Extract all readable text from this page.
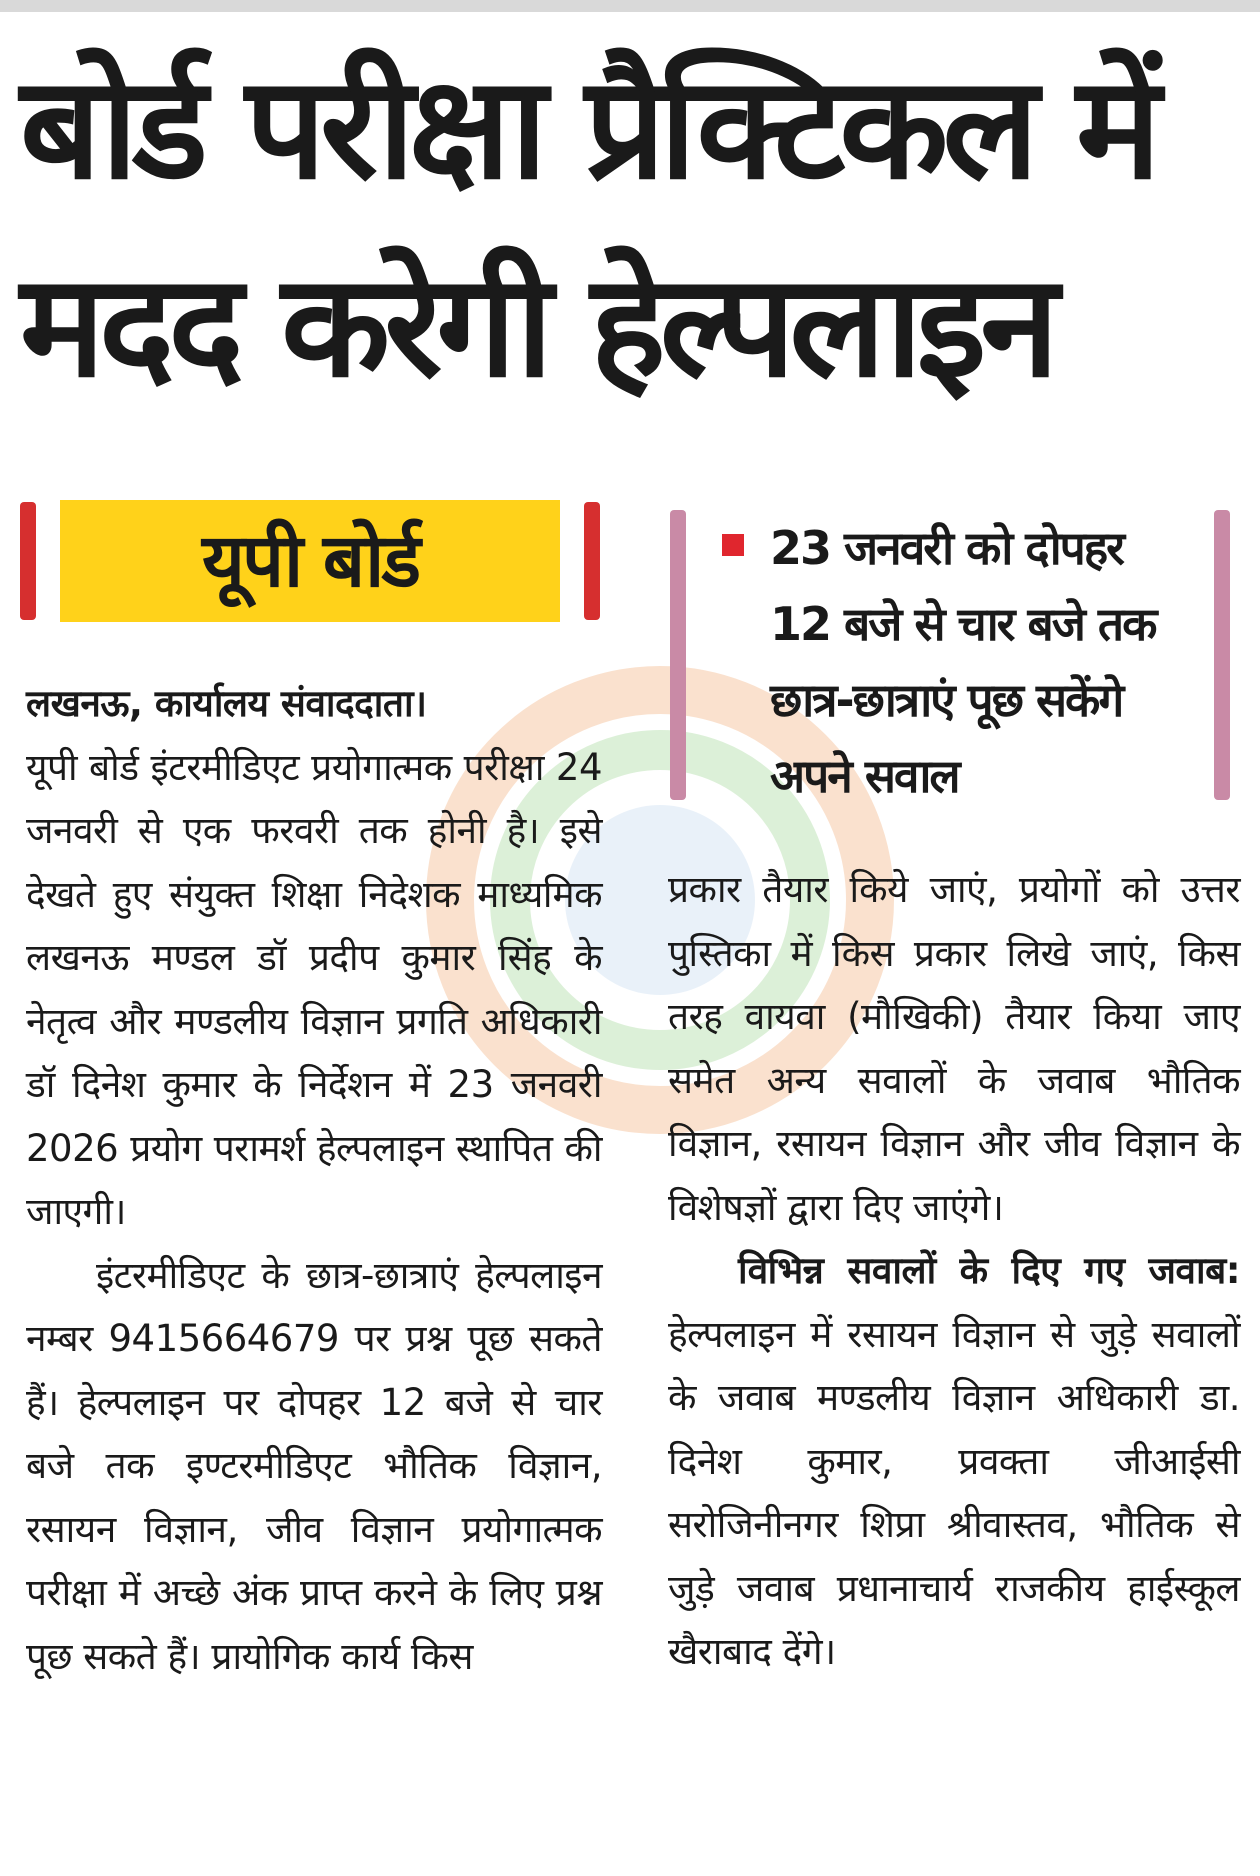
बोर्ड परीक्षा प्रैक्टिकल में
मदद करेगी हेल्पलाइन
यूपी बोर्ड	23 जनवरी को दोपहर
12 बजे से चार बजे तक
छात्र-छात्राएं पूछ सकेंगे
अपने सवाल

लखनऊ, कार्यालय संवाददाता।

यूपी बोर्ड इंटरमीडिएट प्रयोगात्मक परीक्षा 24 जनवरी से एक फरवरी तक होनी है। इसे देखते हुए संयुक्त शिक्षा निदेशक माध्यमिक लखनऊ मण्डल डॉ प्रदीप कुमार सिंह के नेतृत्व और मण्डलीय विज्ञान प्रगति अधिकारी डॉ दिनेश कुमार के निर्देशन में 23 जनवरी 2026 प्रयोग परामर्श हेल्पलाइन स्थापित की जाएगी।

इंटरमीडिएट के छात्र-छात्राएं हेल्पलाइन नम्बर 9415664679 पर प्रश्न पूछ सकते हैं। हेल्पलाइन पर दोपहर 12 बजे से चार बजे तक इण्टरमीडिएट भौतिक विज्ञान, रसायन विज्ञान, जीव विज्ञान प्रयोगात्मक परीक्षा में अच्छे अंक प्राप्त करने के लिए प्रश्न पूछ सकते हैं। प्रायोगिक कार्य किस

प्रकार तैयार किये जाएं, प्रयोगों को उत्तर पुस्तिका में किस प्रकार लिखे जाएं, किस तरह वायवा (मौखिकी) तैयार किया जाए समेत अन्य सवालों के जवाब भौतिक विज्ञान, रसायन विज्ञान और जीव विज्ञान के विशेषज्ञों द्वारा दिए जाएंगे।

विभिन्न सवालों के दिए गए जवाब: हेल्पलाइन में रसायन विज्ञान से जुड़े सवालों के जवाब मण्डलीय विज्ञान अधिकारी डा. दिनेश कुमार, प्रवक्ता जीआईसी सरोजिनीनगर शिप्रा श्रीवास्तव, भौतिक से जुड़े जवाब प्रधानाचार्य राजकीय हाईस्कूल खैराबाद देंगे।
